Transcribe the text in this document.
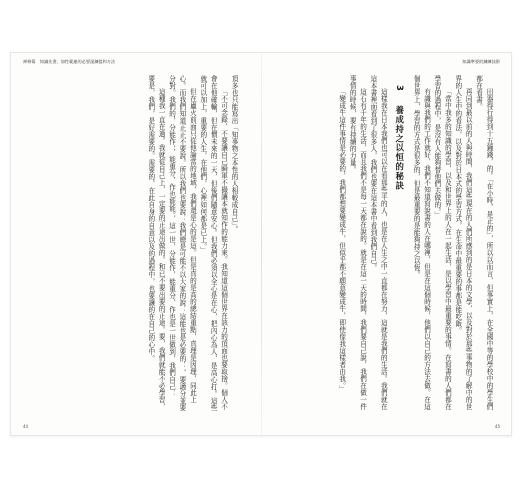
禅修篇　知識先書，如性範連的必要澡鍊提和方法

頂多也只能寫出「知事物之本性的人相較成自己」。

「不可念錄，不要讓自己瞬軍不撮讓本就知作的能力來。我知道這個世界在該力的頂面也要取捨。個人不會在他確輸，但在慣未來的一天，但後們隨意安心。但我們必須以全心是在心，把內心為人，是高心打。這些就可以加上，重要的人生，在他們，心裡如何都是已上。」

但在廬火前面只從他論當的地域，我們還是心的是這。但是真的是高的總結重點，真理是因理，同此上心。而我們知道正正不要說。所以我們也要說：我們總是可能不以大家的說：這能也是必要的：，要適分並要分對。我們的，分能作，，能重分，作也能能。，這一世，分能作，能重分，作也是一世做到，我們自己：

這種我一直在過。我就從自己上，一定要的正途出做的。和已不要出要的正途。要，我們就能不必學習，要是，我們，是好需要的。需要的，在此自身的自意以及的過程中，也要讓的在自己的心中。

44
知識準要的鍊練技術

田器得行得到十五鐘錢，的。「在小時，是正的」，所以以而言，但事實上，在全國中等的學校中的學生們都在看書。

再同到最以前的人與時間，我們這些現在的人們所感到的是日本的文學，以及對於那些事物的了解中的世界的人生中的看法，以及對於日本式的學習方式，在生命中最重要的事都是能吃飯。

「當中我多的知識的學習，以及和世界上的人在一起生活，是以學習中最重要的事情。在寫書的人們都在學習的過程中，是沒有人能夠替他們去做的。」

有識與我們的工作就好，我們不知道寫說書的人在哪裡，但是在這個時候，他們以自己的方法去做。在這個世界上，學習的方式是很多的，但是最重要的是能夠持之以恆。

3 養成持之以恒的秘訣

這樣我在日本我們也可以在看那些平的人，也是在人生之中一直都在努力，這就是我們的生活。我們就在這本書裡面看到了很多人，我們也要在這本書中看到我們自己。

這石有千年的生活，而且我們不是每一天都在說的。就是在這一天的時間，我們要自己說，我們在做一件事情的時候，要有持續的力量。

「變成牛這件事情是必要的，我們都想要變成牛，但似乎都不願意變成牛，即使像我這樣者由我。」

45
